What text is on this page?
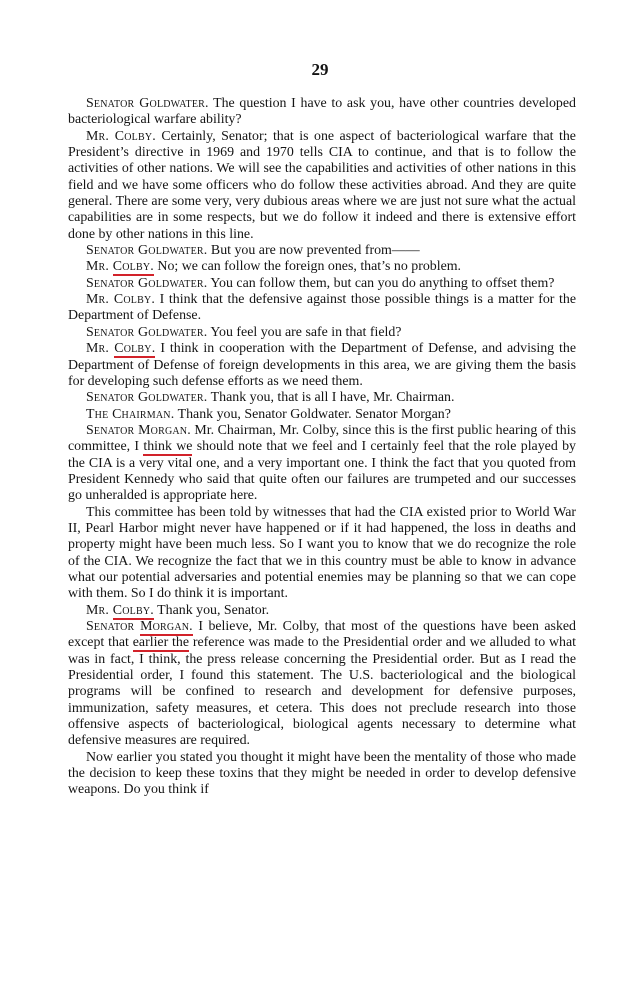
29

Senator Goldwater. The question I have to ask you, have other countries developed bacteriological warfare ability?

Mr. Colby. Certainly, Senator; that is one aspect of bacteriological warfare that the President’s directive in 1969 and 1970 tells CIA to continue, and that is to follow the activities of other nations. We will see the capabilities and activities of other nations in this field and we have some officers who do follow these activities abroad. And they are quite general. There are some very, very dubious areas where we are just not sure what the actual capabilities are in some respects, but we do follow it indeed and there is extensive effort done by other nations in this line.

Senator Goldwater. But you are now prevented from——

Mr. Colby. No; we can follow the foreign ones, that’s no problem.

Senator Goldwater. You can follow them, but can you do anything to offset them?

Mr. Colby. I think that the defensive against those possible things is a matter for the Department of Defense.

Senator Goldwater. You feel you are safe in that field?

Mr. Colby. I think in cooperation with the Department of Defense, and advising the Department of Defense of foreign developments in this area, we are giving them the basis for developing such defense efforts as we need them.

Senator Goldwater. Thank you, that is all I have, Mr. Chairman.

The Chairman. Thank you, Senator Goldwater. Senator Morgan?

Senator Morgan. Mr. Chairman, Mr. Colby, since this is the first public hearing of this committee, I think we should note that we feel and I certainly feel that the role played by the CIA is a very vital one, and a very important one. I think the fact that you quoted from President Kennedy who said that quite often our failures are trumpeted and our successes go unheralded is appropriate here.

This committee has been told by witnesses that had the CIA existed prior to World War II, Pearl Harbor might never have happened or if it had happened, the loss in deaths and property might have been much less. So I want you to know that we do recognize the role of the CIA. We recognize the fact that we in this country must be able to know in advance what our potential adversaries and potential enemies may be planning so that we can cope with them. So I do think it is important.

Mr. Colby. Thank you, Senator.

Senator Morgan. I believe, Mr. Colby, that most of the questions have been asked except that earlier the reference was made to the Presidential order and we alluded to what was in fact, I think, the press release concerning the Presidential order. But as I read the Presidential order, I found this statement. The U.S. bacteriological and the biological programs will be confined to research and development for defensive purposes, immunization, safety measures, et cetera. This does not preclude research into those offensive aspects of bacteriological, biological agents necessary to determine what defensive measures are required.

Now earlier you stated you thought it might have been the mentality of those who made the decision to keep these toxins that they might be needed in order to develop defensive weapons. Do you think if
